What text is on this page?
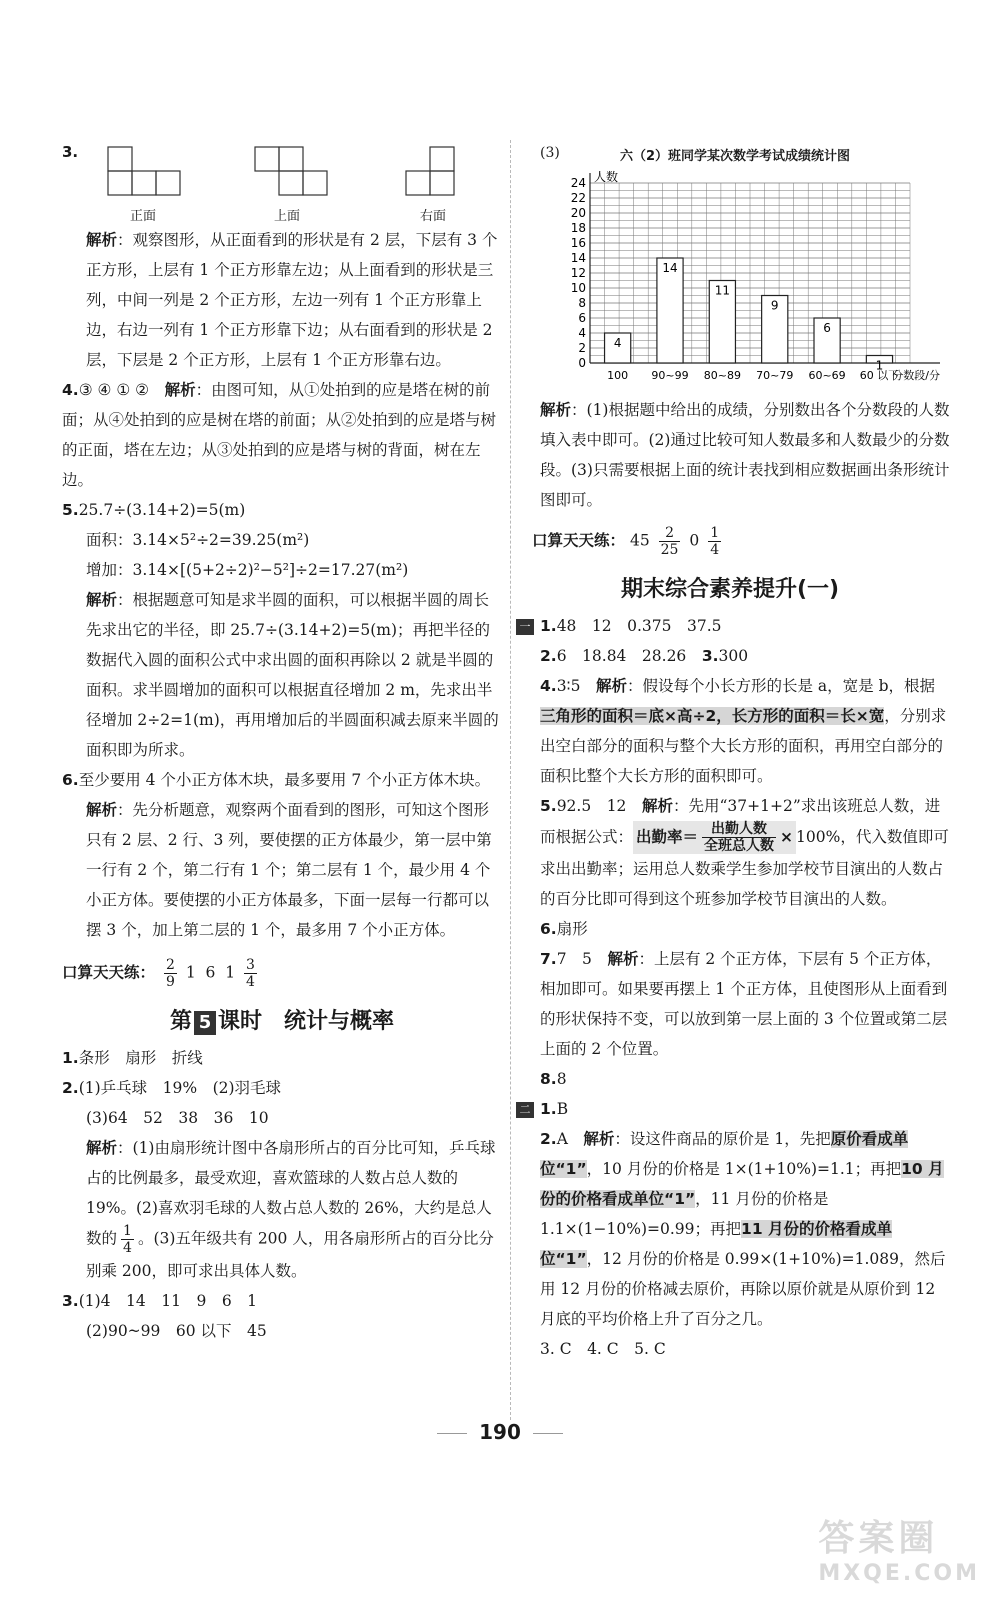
3.
正面	上面	右面

解析：观察图形，从正面看到的形状是有 2 层，下层有 3 个正方形，上层有 1 个正方形靠左边；从上面看到的形状是三列，中间一列是 2 个正方形，左边一列有 1 个正方形靠上边，右边一列有 1 个正方形靠下边；从右面看到的形状是 2 层，下层是 2 个正方形，上层有 1 个正方形靠右边。

4.③ ④ ① ②　 解析：由图可知，从①处拍到的应是塔在树的前面；从④处拍到的应是树在塔的前面；从②处拍到的应是塔与树的正面，塔在左边；从③处拍到的应是塔与树的背面，树在左边。

5.25.7÷(3.14+2)=5(m)

面积：3.14×5²÷2=39.25(m²)

增加：3.14×[(5+2÷2)²−5²]÷2=17.27(m²)

解析：根据题意可知是求半圆的面积，可以根据半圆的周长先求出它的半径，即 25.7÷(3.14+2)=5(m)；再把半径的数据代入圆的面积公式中求出圆的面积再除以 2 就是半圆的面积。求半圆增加的面积可以根据直径增加 2 m，先求出半径增加 2÷2=1(m)，再用增加后的半圆面积减去原来半圆的面积即为所求。

6.至少要用 4 个小正方体木块，最多要用 7 个小正方体木块。

解析：先分析题意，观察两个面看到的图形，可知这个图形只有 2 层、2 行、3 列，要使摆的正方体最少，第一层中第一行有 2 个，第二行有 1 个；第二层有 1 个，最少用 4 个小正方体。要使摆的小正方体最多，下面一层每一行都可以摆 3 个，加上第二层的 1 个，最多用 7 个小正方体。

口算天天练： $\frac{2}{9} 1$  6  $1 \frac{3}{4}$

第 5 课时　统计与概率

1.条形　扇形　折线

2.(1)乒乓球　19%　(2)羽毛球

(3)64　52　38　36　10

解析：(1)由扇形统计图中各扇形所占的百分比可知，乒乓球占的比例最多，最受欢迎，喜欢篮球的人数占总人数的 19%。(2)喜欢羽毛球的人数占总人数的 26%，大约是总人数的 $\frac{1}{4}$ 。(3)五年级共有 200 人，用各扇形所占的百分比分别乘 200，即可求出具体人数。

3.(1)4　14　11　9　6　1

(2)90~99　60 以下　45

(3)	六（2）班同学某次数学考试成绩统计图
0
2
4
6
8
10
12
14
16
18
20
22
24 人数
4
100
14
90~99
11
80~89
9
70~79
6
60~69
1
60 以下
分数段/分

解析：(1)根据题中给出的成绩，分别数出各个分数段的人数填入表中即可。(2)通过比较可知人数最多和人数最少的分数段。(3)只需要根据上面的统计表找到相应数据画出条形统计图即可。

口算天天练： $45 \frac{2}{25} 0 \frac{1}{4}$

期末综合素养提升(一)

一 1.48　12　0.375　37.5

2.6　18.84　28.26　 3.300

4.3∶5　 解析：假设每个小长方形的长是 a，宽是 b，根据三角形的面积＝底×高÷2，长方形的面积＝长×宽，分别求出空白部分的面积与整个大长方形的面积，再用空白部分的面积比整个大长方形的面积即可。

5.92.5　12　 解析：先用“37+1+2”求出该班总人数，进而根据公式： 出勤率＝ $\frac{\text{出勤人数}}{\text{全班总人数}} \times 100\%$，代入数值即可求出出勤率；运用总人数乘学生参加学校节目演出的人数占的百分比即可得到这个班参加学校节目演出的人数。

6.扇形

7.7　5　 解析：上层有 2 个正方体，下层有 5 个正方体，相加即可。如果要再摆上 1 个正方体，且使图形从上面看到的形状保持不变，可以放到第一层上面的 3 个位置或第二层上面的 2 个位置。

8.8

二 1.B

2.A　 解析：设这件商品的原价是 1，先把原价看成单位“1”，10 月份的价格是 1×(1+10%)=1.1；再把10 月份的价格看成单位“1”，11 月份的价格是 1.1×(1−10%)=0.99；再把11 月份的价格看成单位“1”，12 月份的价格是 0.99×(1+10%)=1.089，然后用 12 月份的价格减去原价，再除以原价就是从原价到 12 月底的平均价格上升了百分之几。

3. C　4. C　5. C

190
答案圈
MXQE.COM
